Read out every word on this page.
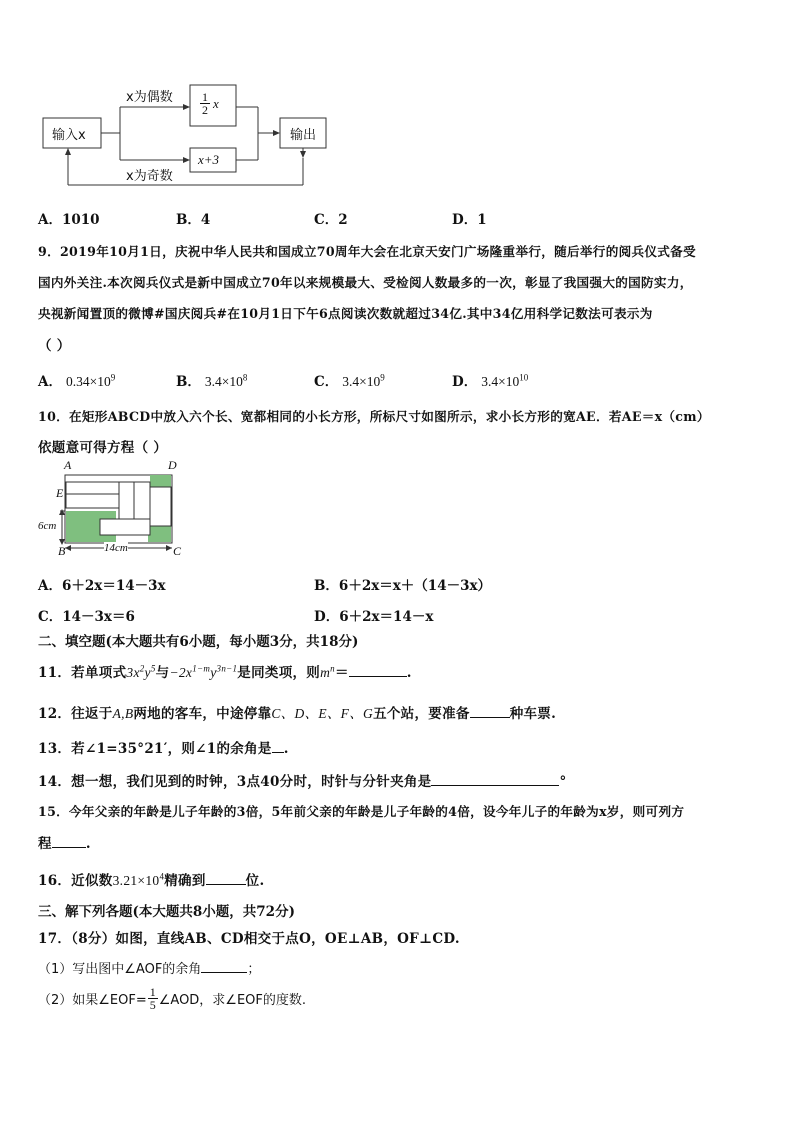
输入x
x为偶数
x为奇数
$\frac{1}{2}$ x
x+3
输出
A．1010	B．4	C．2	D．1
9．2019年10月1日，庆祝中华人民共和国成立70周年大会在北京天安门广场隆重举行，随后举行的阅兵仪式备受
国内外关注.本次阅兵仪式是新中国成立70年以来规模最大、受检阅人数最多的一次，彰显了我国强大的国防实力，
央视新闻置顶的微博#国庆阅兵#在10月1日下午6点阅读次数就超过34亿.其中34亿用科学记数法可表示为
（ ）
A． $0.34\times 10^9$	B． $3.4\times 10^8$	C． $3.4\times 10^9$	D． $3.4\times 10^{10}$
10．在矩形ABCD中放入六个长、宽都相同的小长方形，所标尺寸如图所示，求小长方形的宽AE．若AE＝x（cm）
依题意可得方程（ ）
A	D
E
B	C
6cm
14cm
A．6＋2x＝14－3x	B．6＋2x＝x＋（14－3x）
C．14－3x＝6	D．6＋2x＝14－x
二、填空题(本大题共有6小题，每小题3分，共18分)
11．若单项式$3x^2y^5$与$-2x^{1-m}y^{3n-1}$是同类项，则$m^n=$	.
12．往返于A,B两地的客车，中途停靠C、D、E、F、G五个站，要准备	种车票.
13．若∠1=35°21′，则∠1的余角是 .
14．想一想，我们见到的时钟，3点40分时，时针与分针夹角是	°
15．今年父亲的年龄是儿子年龄的3倍，5年前父亲的年龄是儿子年龄的4倍，设今年儿子的年龄为x岁，则可列方
程	.
16．近似数$3.21\times 10^4$精确到	位.
三、解下列各题(本大题共8小题，共72分)
17．（8分）如图，直线AB、CD相交于点O，OE⊥AB，OF⊥CD.
（1）写出图中∠AOF的余角	；
（2）如果∠EOF= $\frac{1}{5}$ ∠AOD，求∠EOF的度数.
